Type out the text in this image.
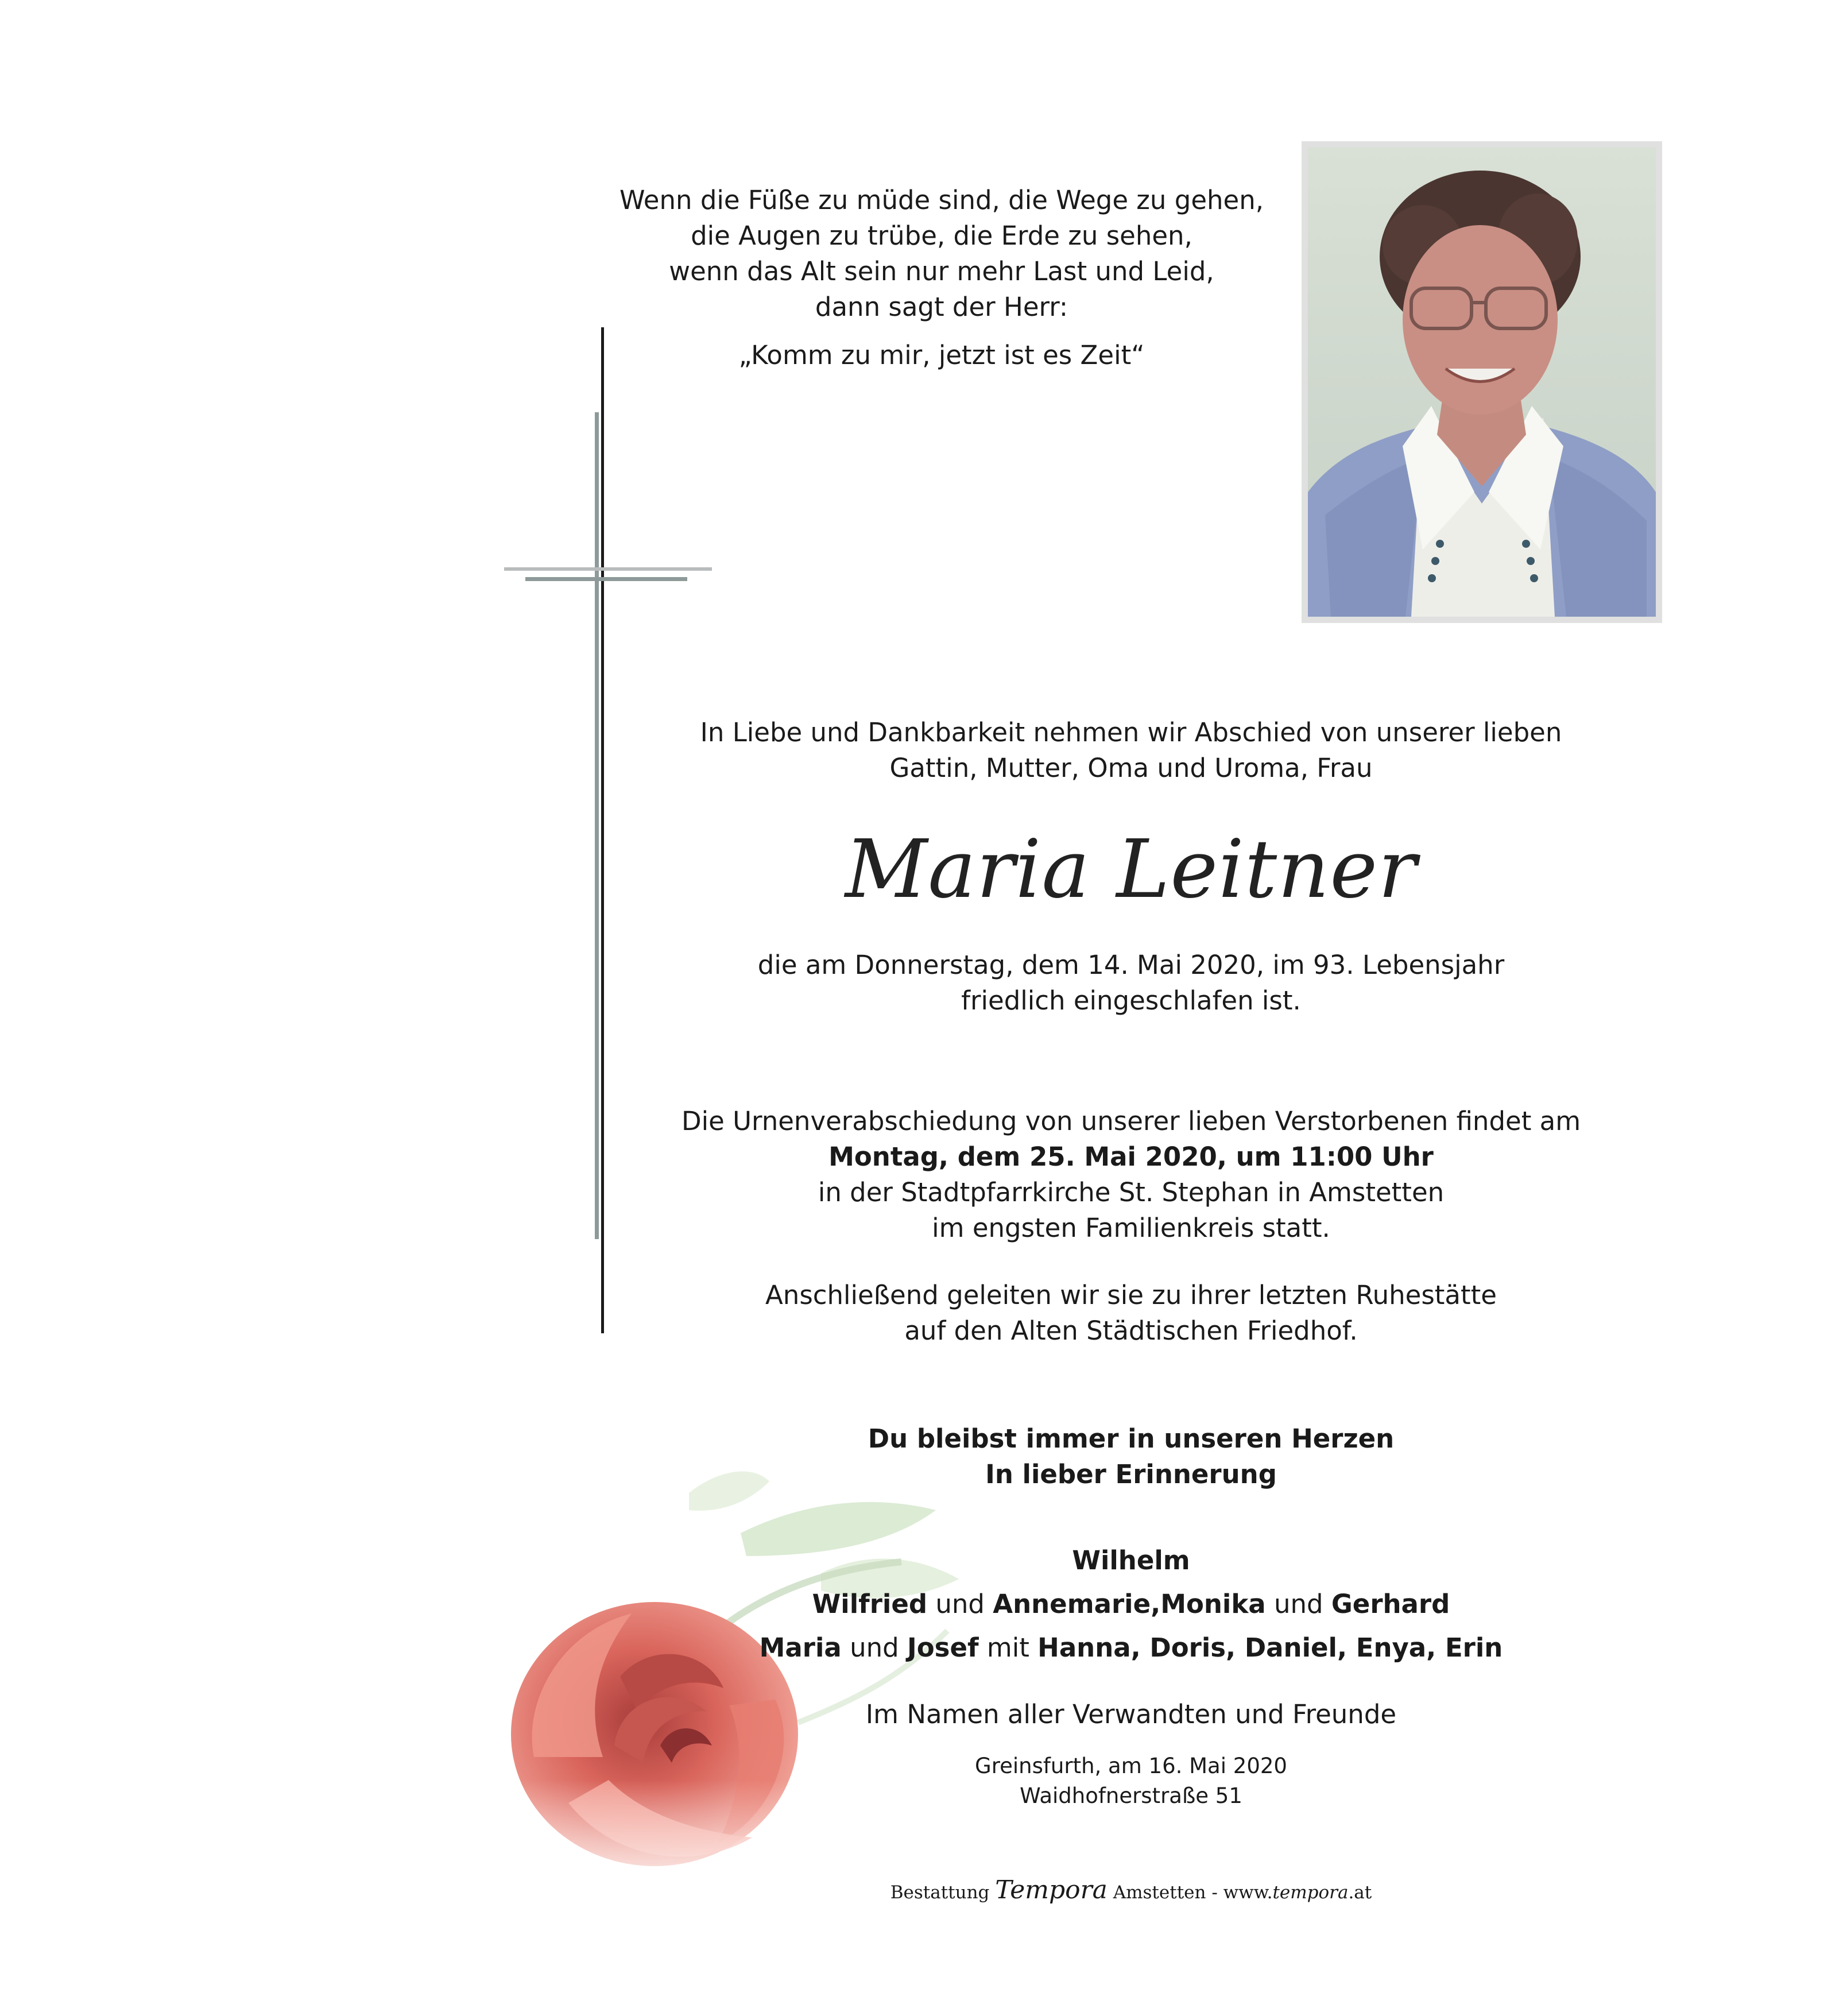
Wenn die Füße zu müde sind, die Wege zu gehen,
die Augen zu trübe, die Erde zu sehen,
wenn das Alt sein nur mehr Last und Leid,
dann sagt der Herr:
„Komm zu mir, jetzt ist es Zeit“
In Liebe und Dankbarkeit nehmen wir Abschied von unserer lieben
Gattin, Mutter, Oma und Uroma, Frau
Maria Leitner
die am Donnerstag, dem 14. Mai 2020, im 93. Lebensjahr
friedlich eingeschlafen ist.
Die Urnenverabschiedung von unserer lieben Verstorbenen findet am
Montag, dem 25. Mai 2020, um 11:00 Uhr
in der Stadtpfarrkirche St. Stephan in Amstetten
im engsten Familienkreis statt.
Anschließend geleiten wir sie zu ihrer letzten Ruhestätte
auf den Alten Städtischen Friedhof.
Du bleibst immer in unseren Herzen
In lieber Erinnerung
Wilhelm
Wilfried und Annemarie,Monika und Gerhard
Maria und Josef mit Hanna, Doris, Daniel, Enya, Erin
Im Namen aller Verwandten und Freunde
Greinsfurth, am 16. Mai 2020
Waidhofnerstraße 51
Bestattung Tempora Amstetten - www.tempora.at
